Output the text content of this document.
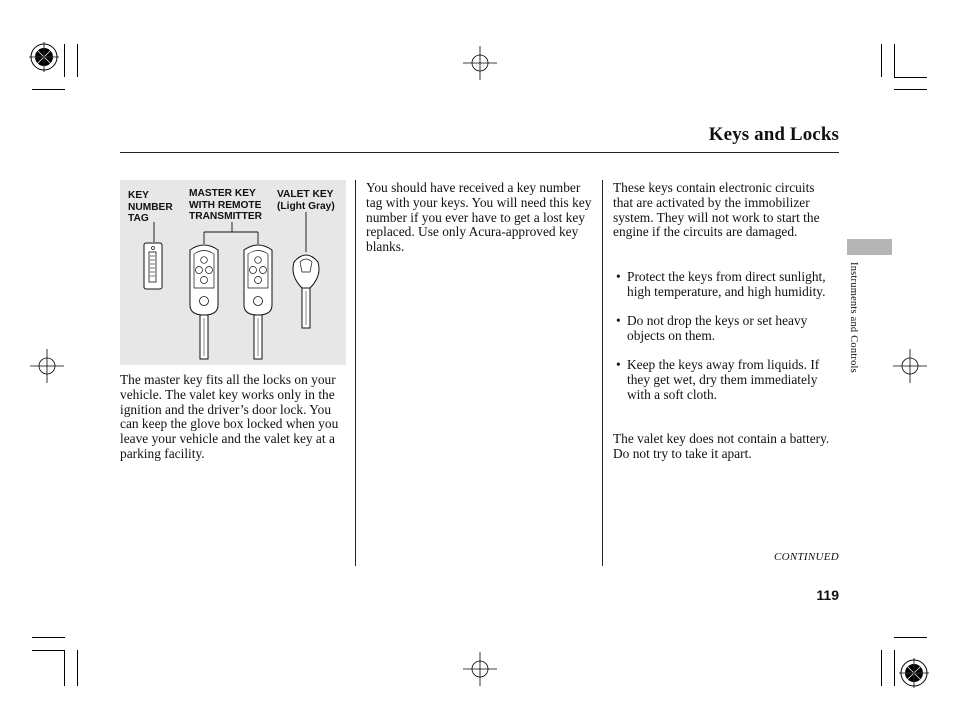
Keys and Locks
KEY
NUMBER
TAG
MASTER KEY
WITH REMOTE
TRANSMITTER
VALET KEY
(Light Gray)
The master key fits all the locks on your vehicle. The valet key works only in the ignition and the driver’s door lock. You can keep the glove box locked when you leave your vehicle and the valet key at a parking facility.
You should have received a key number tag with your keys. You will need this key number if you ever have to get a lost key replaced. Use only Acura-approved key blanks.
These keys contain electronic circuits that are activated by the immobilizer system. They will not work to start the engine if the circuits are damaged.
• Protect the keys from direct sunlight, high temperature, and high humidity.
• Do not drop the keys or set heavy objects on them.
• Keep the keys away from liquids. If they get wet, dry them immediately with a soft cloth.
The valet key does not contain a battery. Do not try to take it apart.
Instruments and Controls
CONTINUED
119
